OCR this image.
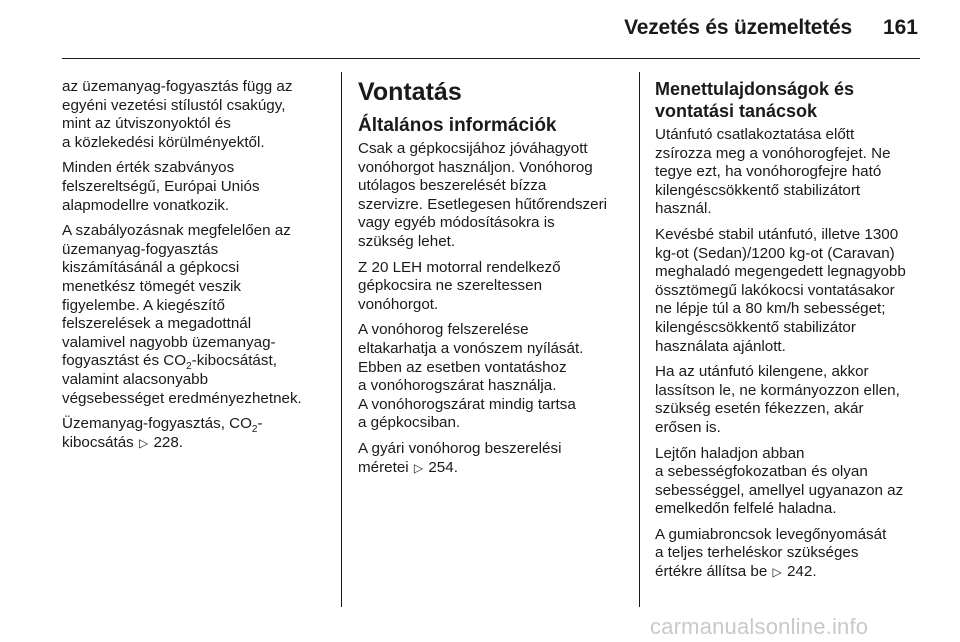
Vezetés és üzemeltetés 161
az üzemanyag-fogyasztás függ az
egyéni vezetési stílustól csakúgy,
mint az útviszonyoktól és
a közlekedési körülményektől.
Minden érték szabványos
felszereltségű, Európai Uniós
alapmodellre vonatkozik.
A szabályozásnak megfelelően az
üzemanyag-fogyasztás
kiszámításánál a gépkocsi
menetkész tömegét veszik
figyelembe. A kiegészítő
felszerelések a megadottnál
valamivel nagyobb üzemanyag-
fogyasztást és $CO_2$-kibocsátást,
valamint alacsonyabb
végsebességet eredményezhetnek.
Üzemanyag-fogyasztás, $CO_2-$
kibocsátás ▷ 228.
Vontatás
Általános információk
Csak a gépkocsijához jóváhagyott
vonóhorgot használjon. Vonóhorog
utólagos beszerelését bízza
szervizre. Esetlegesen hűtőrendszeri
vagy egyéb módosításokra is
szükség lehet.
Z 20 LEH motorral rendelkező
gépkocsira ne szereltessen
vonóhorgot.
A vonóhorog felszerelése
eltakarhatja a vonószem nyílását.
Ebben az esetben vontatáshoz
a vonóhorogszárat használja.
A vonóhorogszárat mindig tartsa
a gépkocsiban.
A gyári vonóhorog beszerelési
méretei ▷ 254.
Menettulajdonságok és
vontatási tanácsok
Utánfutó csatlakoztatása előtt
zsírozza meg a vonóhorogfejet. Ne
tegye ezt, ha vonóhorogfejre ható
kilengéscsökkentő stabilizátort
használ.
Kevésbé stabil utánfutó, illetve 1300
kg-ot (Sedan)/1200 kg-ot (Caravan)
meghaladó megengedett legnagyobb
össztömegű lakókocsi vontatásakor
ne lépje túl a 80 km/h sebességet;
kilengéscsökkentő stabilizátor
használata ajánlott.
Ha az utánfutó kilengene, akkor
lassítson le, ne kormányozzon ellen,
szükség esetén fékezzen, akár
erősen is.
Lejtőn haladjon abban
a sebességfokozatban és olyan
sebességgel, amellyel ugyanazon az
emelkedőn felfelé haladna.
A gumiabroncsok levegőnyomását
a teljes terheléskor szükséges
értékre állítsa be ▷ 242.
carmanualsonline.info
